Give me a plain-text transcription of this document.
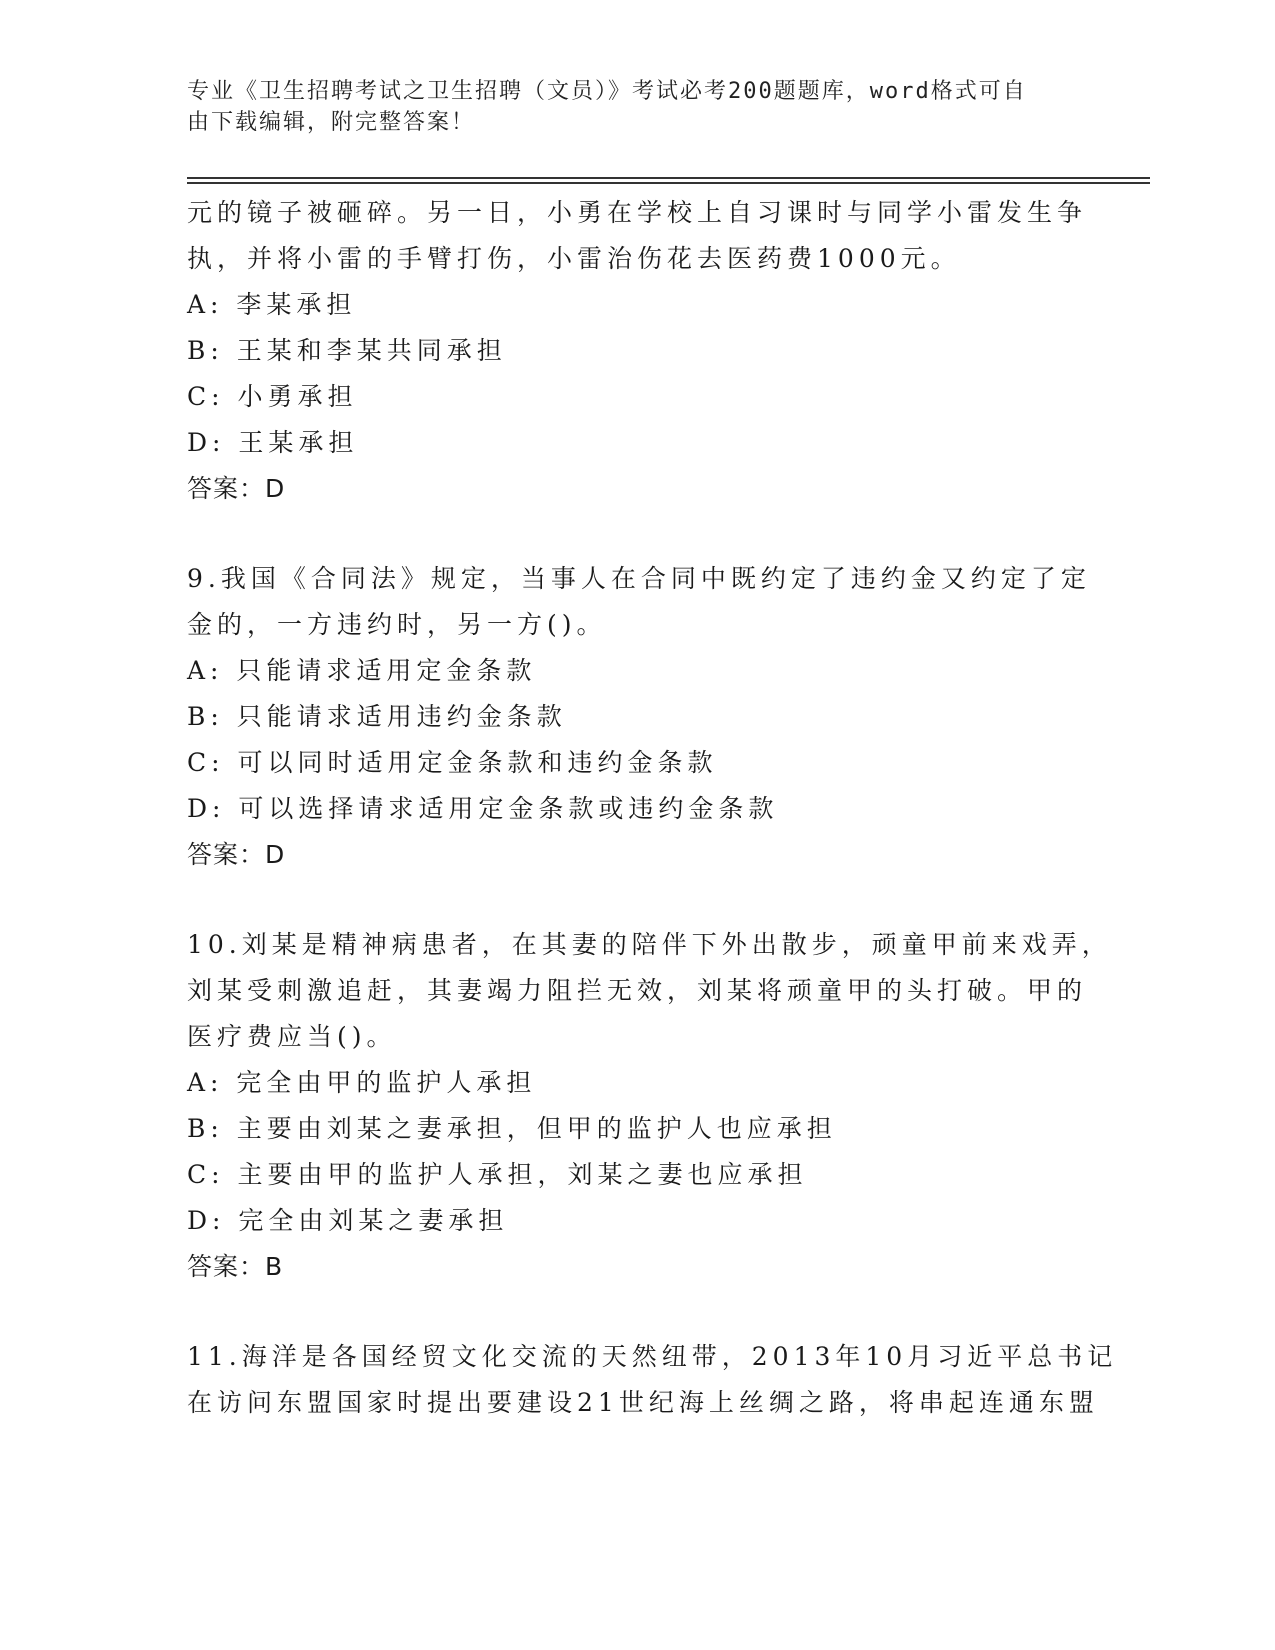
专业《卫生招聘考试之卫生招聘（文员）》考试必考200题题库，word格式可自
由下载编辑，附完整答案！
元的镜子被砸碎。另一日，小勇在学校上自习课时与同学小雷发生争
执，并将小雷的手臂打伤，小雷治伤花去医药费1000元。
A: 李某承担
B: 王某和李某共同承担
C: 小勇承担
D: 王某承担
答案：D
9.我国《合同法》规定，当事人在合同中既约定了违约金又约定了定
金的，一方违约时，另一方()。
A: 只能请求适用定金条款
B: 只能请求适用违约金条款
C: 可以同时适用定金条款和违约金条款
D: 可以选择请求适用定金条款或违约金条款
答案：D
10.刘某是精神病患者，在其妻的陪伴下外出散步，顽童甲前来戏弄，
刘某受刺激追赶，其妻竭力阻拦无效，刘某将顽童甲的头打破。甲的
医疗费应当()。
A: 完全由甲的监护人承担
B: 主要由刘某之妻承担，但甲的监护人也应承担
C: 主要由甲的监护人承担，刘某之妻也应承担
D: 完全由刘某之妻承担
答案：B
11.海洋是各国经贸文化交流的天然纽带，2013年10月习近平总书记
在访问东盟国家时提出要建设21世纪海上丝绸之路，将串起连通东盟
